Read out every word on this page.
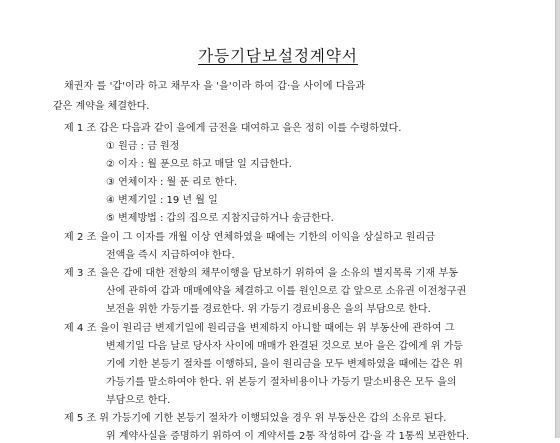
가등기담보설정계약서
채권자 를 '갑'이라 하고 채무자 을 '을'이라 하여 갑·을 사이에 다음과
같은 계약을 체결한다.
제 1 조 갑은 다음과 같이 을에게 금전을 대여하고 을은 정히 이를 수령하였다.
① 원금 : 금 원정
② 이자 : 월 푼으로 하고 매달 일 지급한다.
③ 연체이자 : 월 푼 리로 한다.
④ 변제기일 : 19 년 월 일
⑤ 변제방법 : 갑의 집으로 지참지급하거나 송금한다.
제 2 조 을이 그 이자를 개월 이상 연체하였을 때에는 기한의 이익을 상실하고 원리금
전액을 즉시 지급하여야 한다.
제 3 조 을은 갑에 대한 전항의 채무이행을 담보하기 위하여 을 소유의 별지목록 기재 부동
산에 관하여 갑과 매매예약을 체결하고 이를 원인으로 갑 앞으로 소유권 이전청구권
보전을 위한 가등기를 경료한다. 위 가등기 경료비용은 을의 부담으로 한다.
제 4 조 을이 원리금 변제기일에 원리금을 변제하지 아니할 때에는 위 부동산에 관하여 그
변제기일 다음 날로 당사자 사이에 매매가 완결된 것으로 보아 을은 갑에게 위 가등
기에 기한 본등기 절차를 이행하되, 을이 원리금을 모두 변제하였을 때에는 갑은 위
가등기를 말소하여야 한다. 위 본등기 절차비용이나 가등기 말소비용은 모두 을의
부담으로 한다.
제 5 조 위 가등기에 기한 본등기 절차가 이행되었을 경우 위 부동산은 갑의 소유로 된다.
위 계약사실을 증명하기 위하여 이 계약서를 2통 작성하여 갑·을 각 1통씩 보관한다.
